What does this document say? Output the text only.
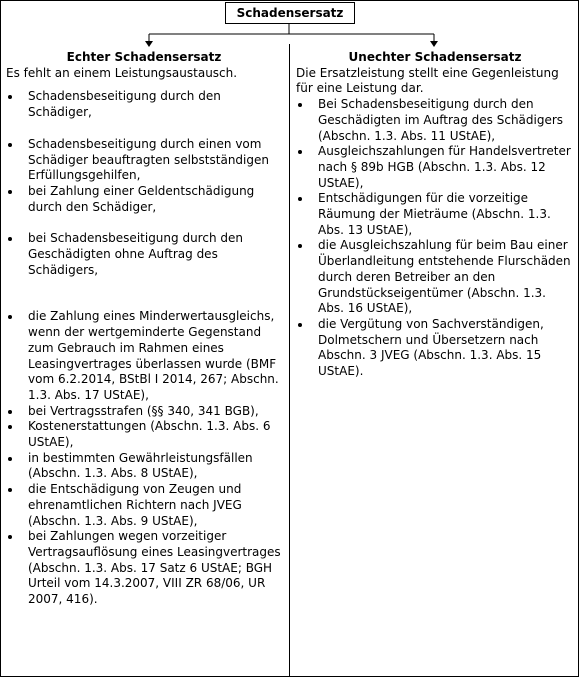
Schadensersatz
Echter Schadensersatz

Es fehlt an einem Leistungsaustausch.

Schadensbeseitigung durch den Schädiger,
Schadensbeseitigung durch einen vom Schädiger beauftragten selbstständigen Erfüllungsgehilfen,
bei Zahlung einer Geldentschädigung durch den Schädiger,
bei Schadensbeseitigung durch den Geschädigten ohne Auftrag des Schädigers,
die Zahlung eines Minderwertausgleichs, wenn der wertgeminderte Gegenstand zum Gebrauch im Rahmen eines Leasingvertrages überlassen wurde (BMF vom 6.2.2014, BStBl I 2014, 267; Abschn. 1.3. Abs. 17 UStAE),
bei Vertragsstrafen (§§ 340, 341 BGB),
Kostenerstattungen (Abschn. 1.3. Abs. 6 UStAE),
in bestimmten Gewährleistungsfällen (Abschn. 1.3. Abs. 8 UStAE),
die Entschädigung von Zeugen und ehrenamtlichen Richtern nach JVEG (Abschn. 1.3. Abs. 9 UStAE),
bei Zahlungen wegen vorzeitiger Vertragsauflösung eines Leasingvertrages (Abschn. 1.3. Abs. 17 Satz 6 UStAE; BGH Urteil vom 14.3.2007, VIII ZR 68/06, UR 2007, 416).
Unechter Schadensersatz

Die Ersatzleistung stellt eine Gegenleistung für eine Leistung dar.

Bei Schadensbeseitigung durch den Geschädigten im Auftrag des Schädigers (Abschn. 1.3. Abs. 11 UStAE),
Ausgleichszahlungen für Handelsvertreter nach § 89b HGB (Abschn. 1.3. Abs. 12 UStAE),
Entschädigungen für die vorzeitige Räumung der Mieträume (Abschn. 1.3. Abs. 13 UStAE),
die Ausgleichszahlung für beim Bau einer Überlandleitung entstehende Flurschäden durch deren Betreiber an den Grundstückseigentümer (Abschn. 1.3. Abs. 16 UStAE),
die Vergütung von Sachverständigen, Dolmetschern und Übersetzern nach Abschn. 3 JVEG (Abschn. 1.3. Abs. 15 UStAE).
